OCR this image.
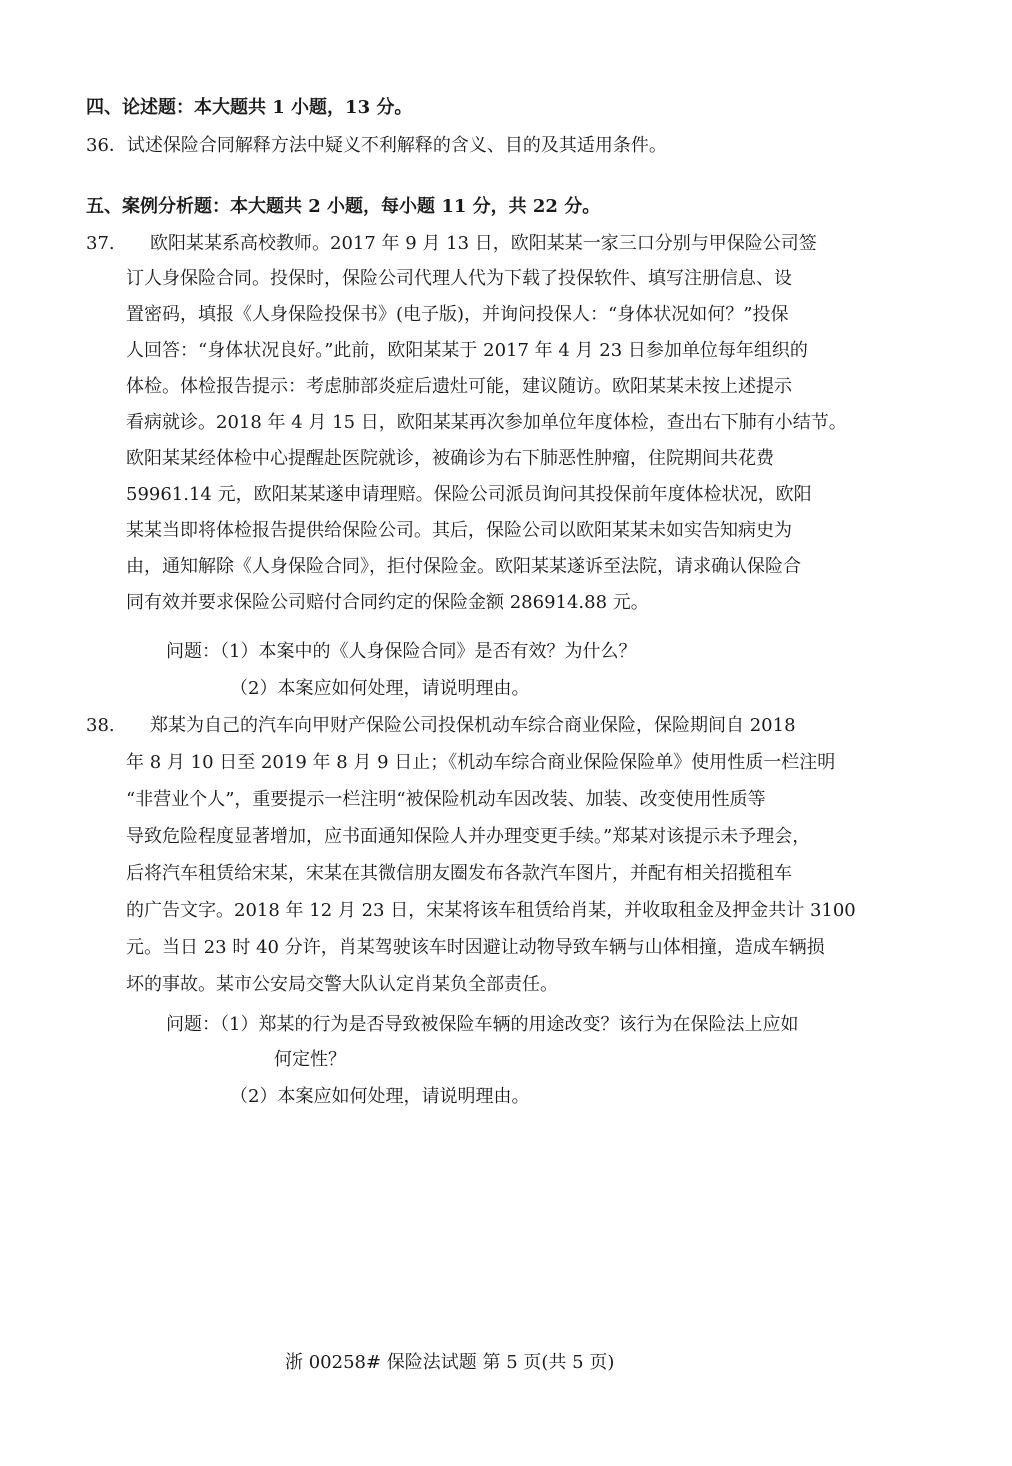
四、论述题：本大题共 1 小题，13 分。
36．试述保险合同解释方法中疑义不利解释的含义、目的及其适用条件。
五、案例分析题：本大题共 2 小题，每小题 11 分，共 22 分。
37. 欧阳某某系高校教师。2017 年 9 月 13 日，欧阳某某一家三口分别与甲保险公司签
订人身保险合同。投保时，保险公司代理人代为下载了投保软件、填写注册信息、设
置密码，填报《人身保险投保书》(电子版)，并询问投保人：“身体状况如何？”投保
人回答：“身体状况良好。”此前，欧阳某某于 2017 年 4 月 23 日参加单位每年组织的
体检。体检报告提示：考虑肺部炎症后遗灶可能，建议随访。欧阳某某未按上述提示
看病就诊。2018 年 4 月 15 日，欧阳某某再次参加单位年度体检，查出右下肺有小结节。
欧阳某某经体检中心提醒赴医院就诊，被确诊为右下肺恶性肿瘤，住院期间共花费
59961.14 元，欧阳某某遂申请理赔。保险公司派员询问其投保前年度体检状况，欧阳
某某当即将体检报告提供给保险公司。其后，保险公司以欧阳某某未如实告知病史为
由，通知解除《人身保险合同》，拒付保险金。欧阳某某遂诉至法院，请求确认保险合
同有效并要求保险公司赔付合同约定的保险金额 286914.88 元。
问题：（1）本案中的《人身保险合同》是否有效？为什么？
（2）本案应如何处理，请说明理由。
38. 郑某为自己的汽车向甲财产保险公司投保机动车综合商业保险，保险期间自 2018
年 8 月 10 日至 2019 年 8 月 9 日止；《机动车综合商业保险保险单》使用性质一栏注明
“非营业个人”，重要提示一栏注明“被保险机动车因改装、加装、改变使用性质等
导致危险程度显著增加，应书面通知保险人并办理变更手续。”郑某对该提示未予理会，
后将汽车租赁给宋某，宋某在其微信朋友圈发布各款汽车图片，并配有相关招揽租车
的广告文字。2018 年 12 月 23 日，宋某将该车租赁给肖某，并收取租金及押金共计 3100
元。当日 23 时 40 分许，肖某驾驶该车时因避让动物导致车辆与山体相撞，造成车辆损
坏的事故。某市公安局交警大队认定肖某负全部责任。
问题：（1）郑某的行为是否导致被保险车辆的用途改变？该行为在保险法上应如
何定性？
（2）本案应如何处理，请说明理由。
浙 00258# 保险法试题 第 5 页(共 5 页)
